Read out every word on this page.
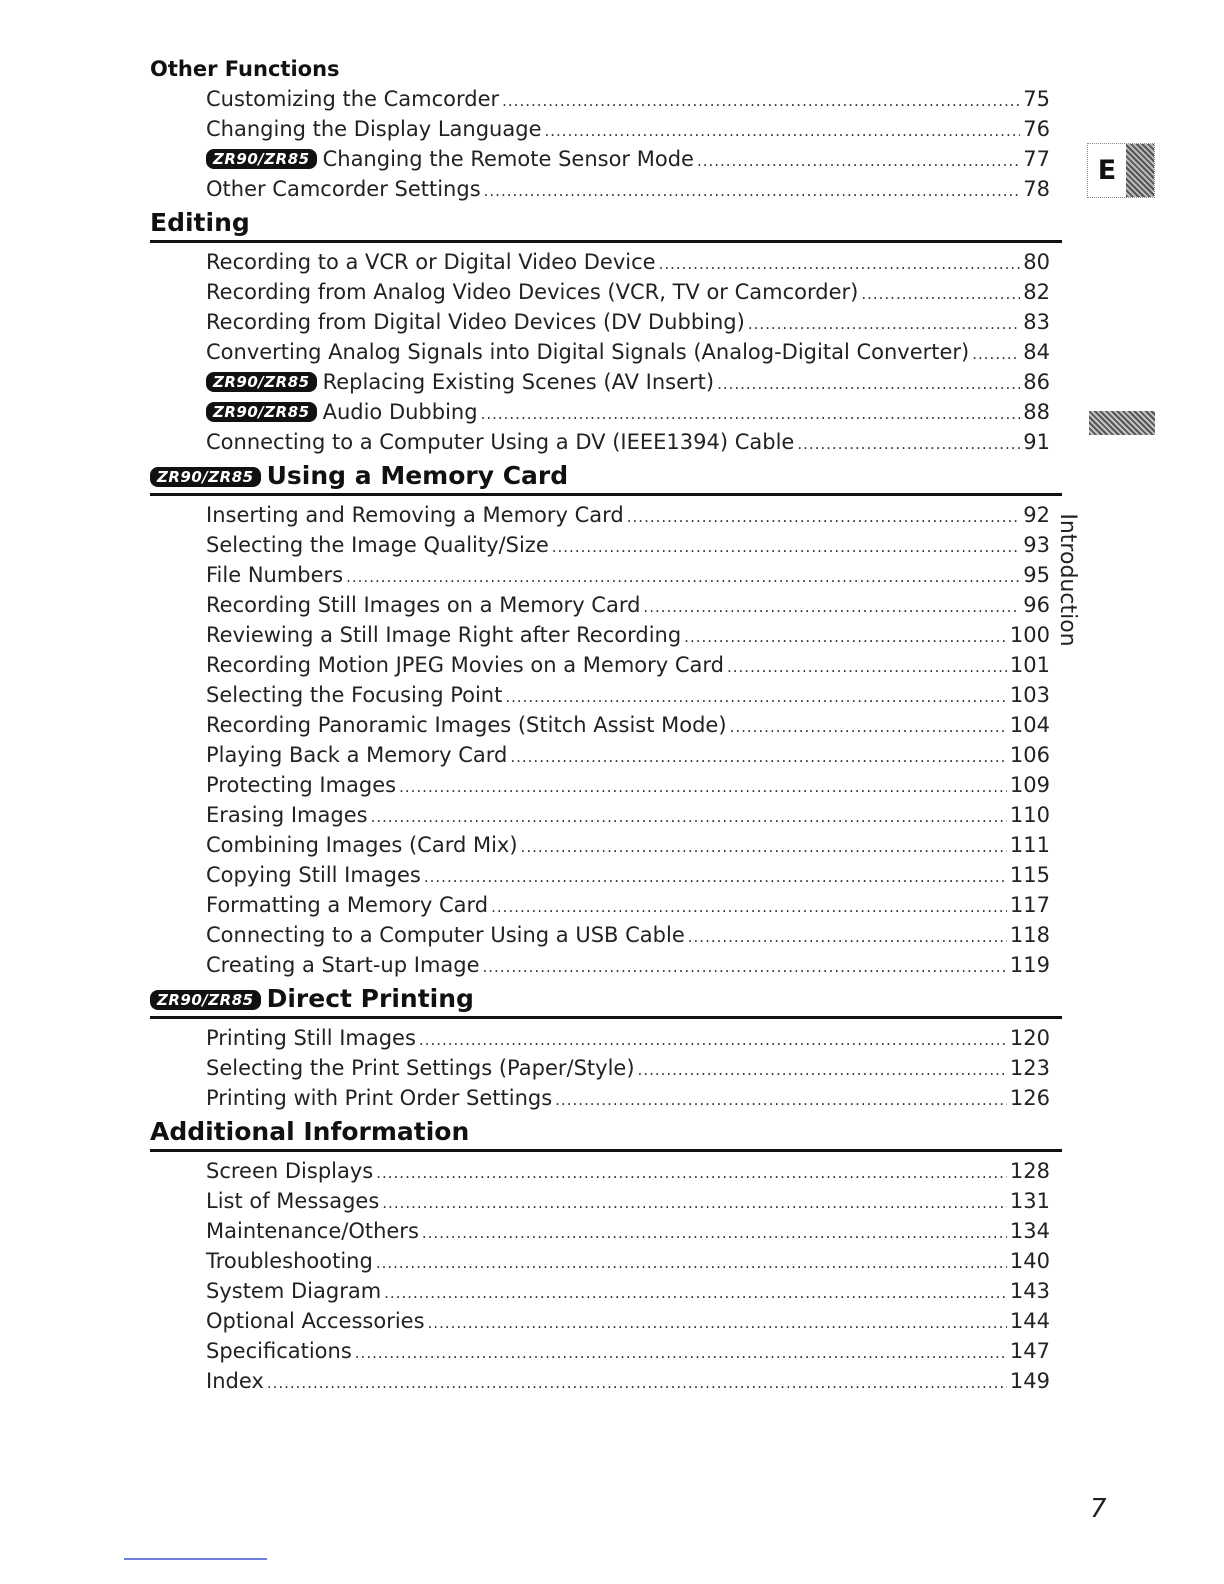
Other Functions
Customizing the Camcorder .....	75
Changing the Display Language .....	76
ZR90/ZR85 Changing the Remote Sensor Mode .....	77
Other Camcorder Settings .....	78
Editing
Recording to a VCR or Digital Video Device .....	80
Recording from Analog Video Devices (VCR, TV or Camcorder) .....	82
Recording from Digital Video Devices (DV Dubbing) .....	83
Converting Analog Signals into Digital Signals (Analog-Digital Converter) .....	84
ZR90/ZR85 Replacing Existing Scenes (AV Insert) .....	86
ZR90/ZR85 Audio Dubbing .....	88
Connecting to a Computer Using a DV (IEEE1394) Cable .....	91
ZR90/ZR85 Using a Memory Card
Inserting and Removing a Memory Card .....	92
Selecting the Image Quality/Size .....	93
File Numbers .....	95
Recording Still Images on a Memory Card .....	96
Reviewing a Still Image Right after Recording .....	100
Recording Motion JPEG Movies on a Memory Card .....	101
Selecting the Focusing Point .....	103
Recording Panoramic Images (Stitch Assist Mode) .....	104
Playing Back a Memory Card .....	106
Protecting Images .....	109
Erasing Images .....	110
Combining Images (Card Mix) .....	111
Copying Still Images .....	115
Formatting a Memory Card .....	117
Connecting to a Computer Using a USB Cable .....	118
Creating a Start-up Image .....	119
ZR90/ZR85 Direct Printing
Printing Still Images .....	120
Selecting the Print Settings (Paper/Style) .....	123
Printing with Print Order Settings .....	126
Additional Information
Screen Displays .....	128
List of Messages .....	131
Maintenance/Others .....	134
Troubleshooting .....	140
System Diagram .....	143
Optional Accessories .....	144
Specifications .....	147
Index .....	149
E
Introduction
7
